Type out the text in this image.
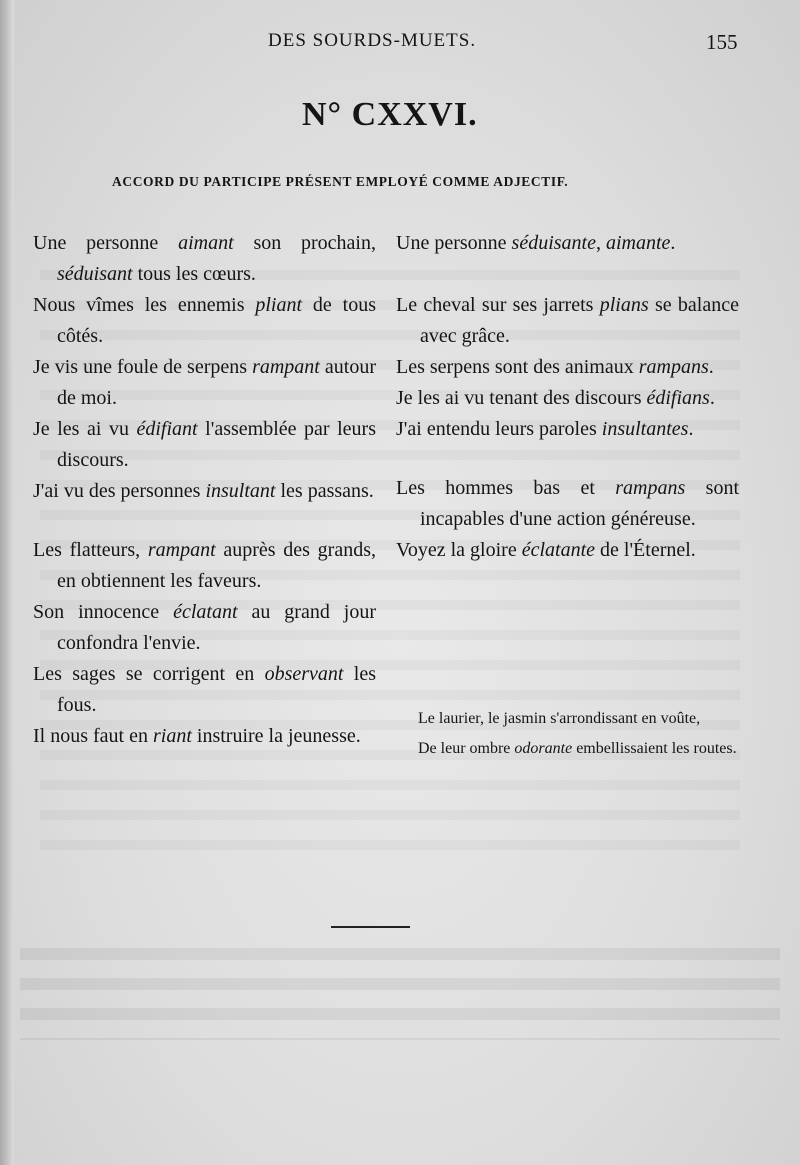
DES SOURDS-MUETS.	155
N° CXXVI.
ACCORD DU PARTICIPE PRÉSENT EMPLOYÉ COMME ADJECTIF.

Une personne aimant son prochain, séduisant tous les cœurs.

Nous vîmes les ennemis pliant de tous côtés.

Je vis une foule de serpens rampant autour de moi.

Je les ai vu édifiant l'assemblée par leurs discours.

J'ai vu des personnes insultant les passans.

Les flatteurs, rampant auprès des grands, en obtiennent les faveurs.

Son innocence éclatant au grand jour confondra l'envie.

Les sages se corrigent en observant les fous.

Il nous faut en riant instruire la jeunesse.

Une personne séduisante, aimante.

Le cheval sur ses jarrets plians se balance avec grâce.

Les serpens sont des animaux rampans.

Je les ai vu tenant des discours édifians.

J'ai entendu leurs paroles insultantes.

Les hommes bas et rampans sont incapables d'une action généreuse.

Voyez la gloire éclatante de l'Éternel.

Le laurier, le jasmin s'arrondissant en voûte,

De leur ombre odorante embellissaient les routes.
